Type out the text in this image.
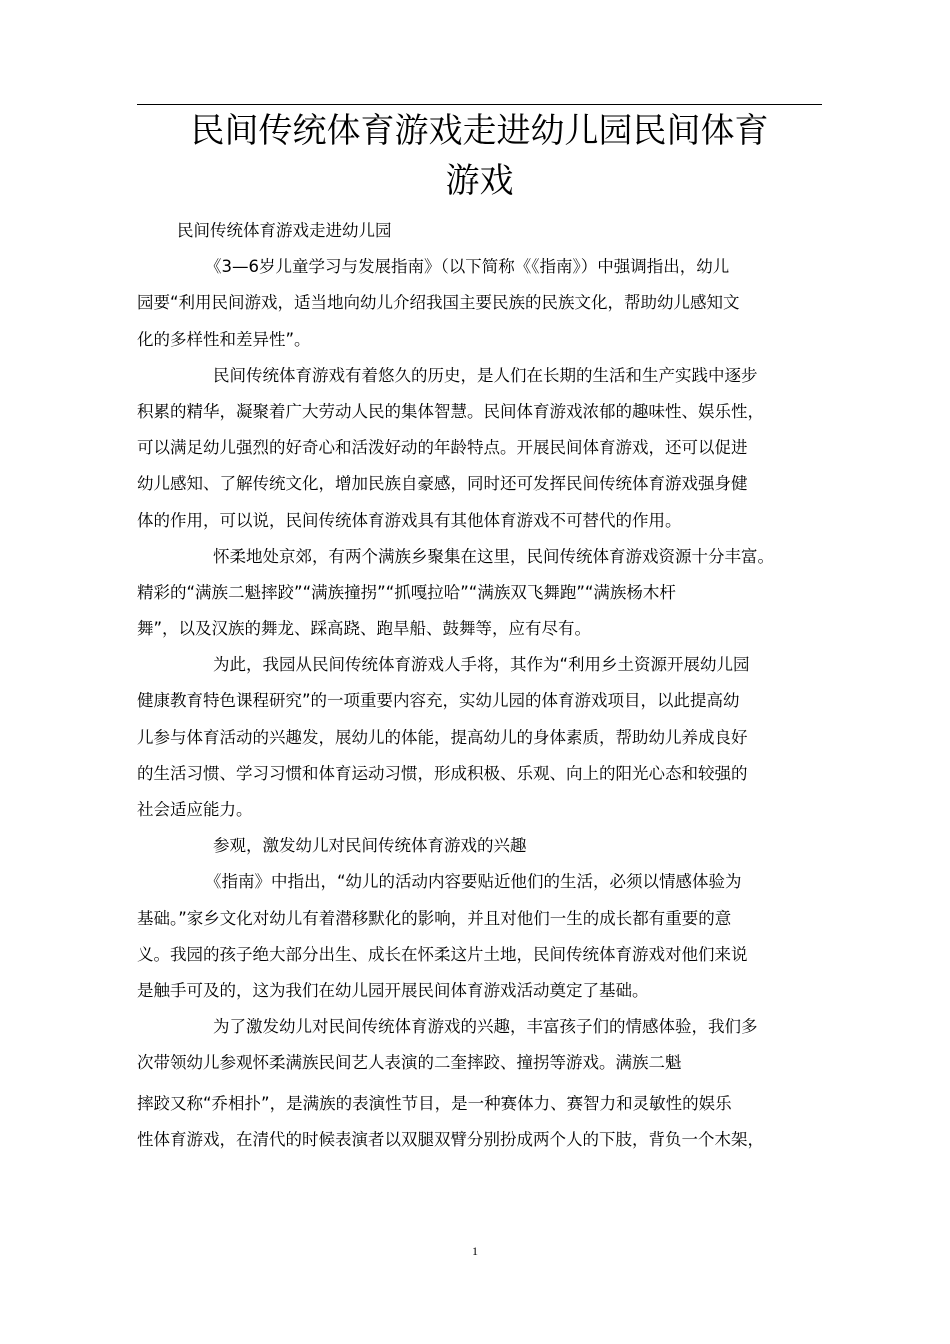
民间传统体育游戏走进幼儿园民间体育
游戏
民间传统体育游戏走进幼儿园
《3—6岁儿童学习与发展指南》（以下简称《《指南》）中强调指出，幼儿
园要“利用民间游戏，适当地向幼儿介绍我国主要民族的民族文化，帮助幼儿感知文
化的多样性和差异性”。
民间传统体育游戏有着悠久的历史，是人们在长期的生活和生产实践中逐步
积累的精华，凝聚着广大劳动人民的集体智慧。民间体育游戏浓郁的趣味性、娱乐性，
可以满足幼儿强烈的好奇心和活泼好动的年龄特点。开展民间体育游戏，还可以促进
幼儿感知、了解传统文化，增加民族自豪感，同时还可发挥民间传统体育游戏强身健
体的作用，可以说，民间传统体育游戏具有其他体育游戏不可替代的作用。
怀柔地处京郊，有两个满族乡聚集在这里，民间传统体育游戏资源十分丰富。
精彩的“满族二魁摔跤”“满族撞拐”“抓嘎拉哈”“满族双飞舞跑”“满族杨木杆
舞”，以及汉族的舞龙、踩高跷、跑旱船、鼓舞等，应有尽有。
为此，我园从民间传统体育游戏人手将，其作为“利用乡土资源开展幼儿园
健康教育特色课程研究”的一项重要内容充，实幼儿园的体育游戏项目，以此提高幼
儿参与体育活动的兴趣发，展幼儿的体能，提高幼儿的身体素质，帮助幼儿养成良好
的生活习惯、学习习惯和体育运动习惯，形成积极、乐观、向上的阳光心态和较强的
社会适应能力。
参观，激发幼儿对民间传统体育游戏的兴趣
《指南》中指出，“幼儿的活动内容要贴近他们的生活，必须以情感体验为
基础。”家乡文化对幼儿有着潜移默化的影响，并且对他们一生的成长都有重要的意
义。我园的孩子绝大部分出生、成长在怀柔这片土地，民间传统体育游戏对他们来说
是触手可及的，这为我们在幼儿园开展民间体育游戏活动奠定了基础。
为了激发幼儿对民间传统体育游戏的兴趣，丰富孩子们的情感体验，我们多
次带领幼儿参观怀柔满族民间艺人表演的二奎摔跤、撞拐等游戏。满族二魁
摔跤又称“乔相扑”，是满族的表演性节目，是一种赛体力、赛智力和灵敏性的娱乐
性体育游戏，在清代的时候表演者以双腿双臂分别扮成两个人的下肢，背负一个木架，
1
